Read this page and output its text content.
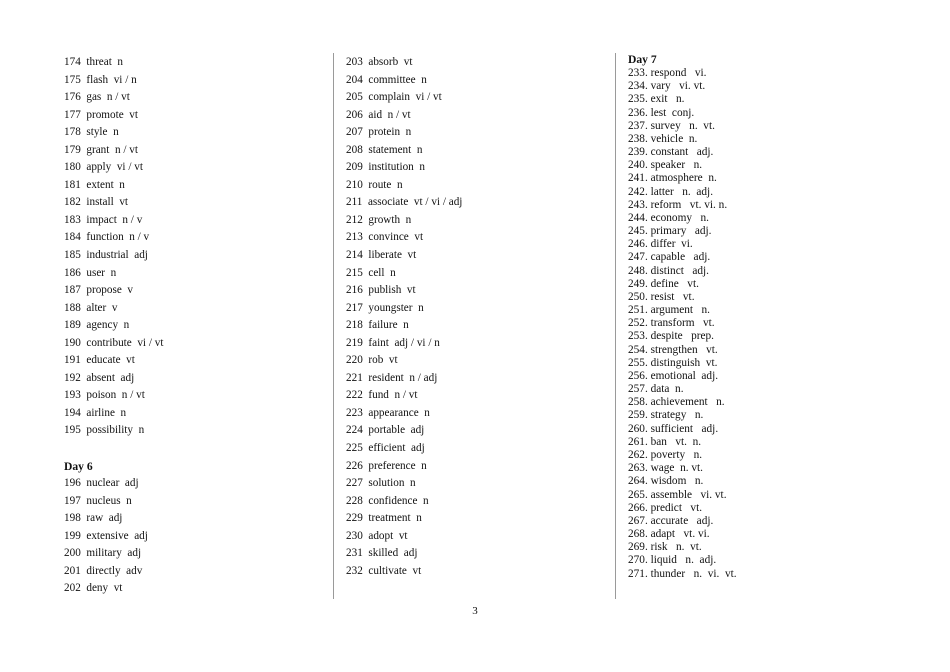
174  threat  n
175  flash  vi / n
176  gas  n / vt
177  promote  vt
178  style  n
179  grant  n / vt
180  apply  vi / vt
181  extent  n
182  install  vt
183  impact  n / v
184  function  n / v
185  industrial  adj
186  user  n
187  propose  v
188  alter  v
189  agency  n
190  contribute  vi / vt
191  educate  vt
192  absent  adj
193  poison  n / vt
194  airline  n
195  possibility  n
Day 6
196  nuclear  adj
197  nucleus  n
198  raw  adj
199  extensive  adj
200  military  adj
201  directly  adv
202  deny  vt
203  absorb  vt
204  committee  n
205  complain  vi / vt
206  aid  n / vt
207  protein  n
208  statement  n
209  institution  n
210  route  n
211  associate  vt / vi / adj
212  growth  n
213  convince  vt
214  liberate  vt
215  cell  n
216  publish  vt
217  youngster  n
218  failure  n
219  faint  adj / vi / n
220  rob  vt
221  resident  n / adj
222  fund  n / vt
223  appearance  n
224  portable  adj
225  efficient  adj
226  preference  n
227  solution  n
228  confidence  n
229  treatment  n
230  adopt  vt
231  skilled  adj
232  cultivate  vt
Day 7
233. respond   vi.
234. vary   vi. vt.
235. exit   n.
236. lest  conj.
237. survey   n.  vt.
238. vehicle  n.
239. constant   adj.
240. speaker   n.
241. atmosphere  n.
242. latter   n.  adj.
243. reform   vt. vi. n.
244. economy   n.
245. primary   adj.
246. differ  vi.
247. capable   adj.
248. distinct   adj.
249. define   vt.
250. resist   vt.
251. argument   n.
252. transform   vt.
253. despite   prep.
254. strengthen   vt.
255. distinguish  vt.
256. emotional  adj.
257. data  n.
258. achievement   n.
259. strategy   n.
260. sufficient   adj.
261. ban   vt.  n.
262. poverty   n.
263. wage  n. vt.
264. wisdom   n.
265. assemble   vi. vt.
266. predict   vt.
267. accurate   adj.
268. adapt   vt. vi.
269. risk   n.  vt.
270. liquid   n.  adj.
271. thunder   n.  vi.  vt.
3
